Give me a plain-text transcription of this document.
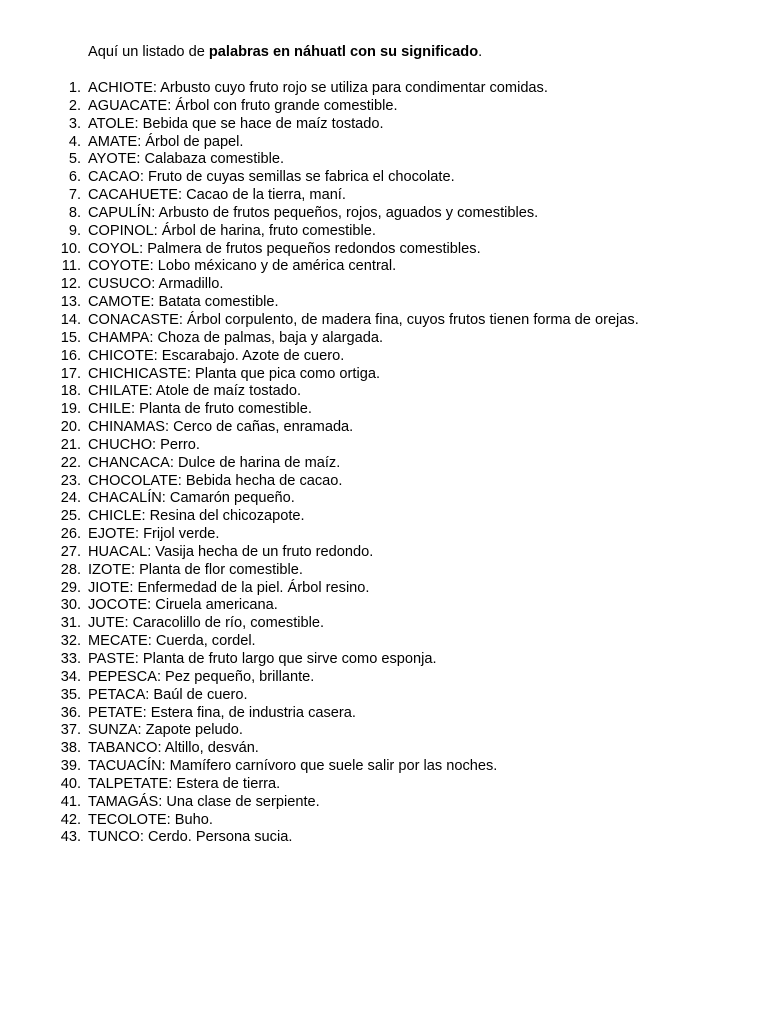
Aquí un listado de palabras en náhuatl con su significado.
1 . ACHIOTE: Arbusto cuyo fruto rojo se utiliza para condimentar comidas.
2 . AGUACATE: Árbol con fruto grande comestible.
3 . ATOLE: Bebida que se hace de maíz tostado.
4 . AMATE: Árbol de papel.
5 . AYOTE: Calabaza comestible.
6 . CACAO: Fruto de cuyas semillas se fabrica el chocolate.
7 . CACAHUETE: Cacao de la tierra, maní.
8 . CAPULÍN: Arbusto de frutos pequeños, rojos, aguados y comestibles.
9 . COPINOL: Árbol de harina, fruto comestible.
10 . COYOL: Palmera de frutos pequeños redondos comestibles.
11 . COYOTE: Lobo méxicano y de américa central.
12 . CUSUCO: Armadillo.
13 . CAMOTE: Batata comestible.
14 . CONACASTE: Árbol corpulento, de madera fina, cuyos frutos tienen forma de orejas.
15 . CHAMPA: Choza de palmas, baja y alargada.
16 . CHICOTE: Escarabajo. Azote de cuero.
17 . CHICHICASTE: Planta que pica como ortiga.
18 . CHILATE: Atole de maíz tostado.
19 . CHILE: Planta de fruto comestible.
20 . CHINAMAS: Cerco de cañas, enramada.
21 . CHUCHO: Perro.
22 . CHANCACA: Dulce de harina de maíz.
23 . CHOCOLATE: Bebida hecha de cacao.
24 . CHACALÍN: Camarón pequeño.
25 . CHICLE: Resina del chicozapote.
26 . EJOTE: Frijol verde.
27 . HUACAL: Vasija hecha de un fruto redondo.
28 . IZOTE: Planta de flor comestible.
29 . JIOTE: Enfermedad de la piel. Árbol resino.
30 . JOCOTE: Ciruela americana.
31 . JUTE: Caracolillo de río, comestible.
32 . MECATE: Cuerda, cordel.
33 . PASTE: Planta de fruto largo que sirve como esponja.
34 . PEPESCA: Pez pequeño, brillante.
35 . PETACA: Baúl de cuero.
36 . PETATE: Estera fina, de industria casera.
37 . SUNZA: Zapote peludo.
38 . TABANCO: Altillo, desván.
39 . TACUACÍN: Mamífero carnívoro que suele salir por las noches.
40 . TALPETATE: Estera de tierra.
41 . TAMAGÁS: Una clase de serpiente.
42 . TECOLOTE: Buho.
43 . TUNCO: Cerdo. Persona sucia.
